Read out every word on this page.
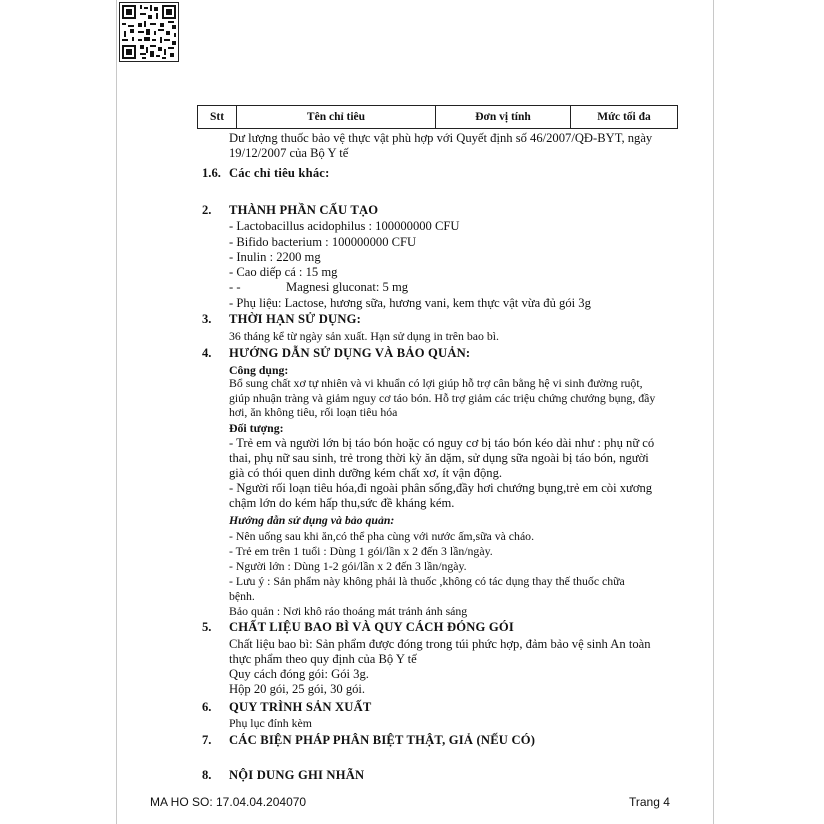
Stt	Tên chỉ tiêu	Đơn vị tính	Mức tối đa
Dư lượng thuốc bảo vệ thực vật phù hợp với Quyết định số 46/2007/QĐ-BYT, ngày
19/12/2007 của Bộ Y tế
1.6. Các chỉ tiêu khác:
2. THÀNH PHẦN CẤU TẠO
- Lactobacillus acidophilus : 100000000 CFU
- Bifido bacterium : 100000000 CFU
- Inulin : 2200 mg
- Cao diếp cá : 15 mg
- -	Magnesi gluconat: 5 mg
- Phụ liệu: Lactose, hương sữa, hương vani, kem thực vật vừa đủ gói 3g
3. THỜI HẠN SỬ DỤNG:
36 tháng kể từ ngày sản xuất. Hạn sử dụng in trên bao bì.
4. HƯỚNG DẪN SỬ DỤNG VÀ BẢO QUẢN:
Công dụng:
Bổ sung chất xơ tự nhiên và vi khuẩn có lợi giúp hỗ trợ cân bằng hệ vi sinh đường ruột,
giúp nhuận tràng và giảm nguy cơ táo bón. Hỗ trợ giảm các triệu chứng chướng bụng, đầy
hơi, ăn không tiêu, rối loạn tiêu hóa
Đối tượng:
- Trẻ em và người lớn bị táo bón hoặc có nguy cơ bị táo bón kéo dài như : phụ nữ có
thai, phụ nữ sau sinh, trẻ trong thời kỳ ăn dặm, sử dụng sữa ngoài bị táo bón, người
già có thói quen dinh dưỡng kém chất xơ, ít vận động.
- Người rối loạn tiêu hóa,đi ngoài phân sống,đầy hơi chướng bụng,trẻ em còi xương
chậm lớn do kém hấp thu,sức đề kháng kém.
Hướng dẫn sử dụng và bảo quản:
- Nên uống sau khi ăn,có thể pha cùng với nước ấm,sữa và cháo.
- Trẻ em trên 1 tuổi : Dùng 1 gói/lần x 2 đến 3 lần/ngày.
- Người lớn : Dùng 1-2 gói/lần x 2 đến 3 lần/ngày.
- Lưu ý : Sản phẩm này không phải là thuốc ,không có tác dụng thay thế thuốc chữa
bệnh.
Bảo quản : Nơi khô ráo thoáng mát tránh ánh sáng
5. CHẤT LIỆU BAO BÌ VÀ QUY CÁCH ĐÓNG GÓI
Chất liệu bao bì: Sản phẩm được đóng trong túi phức hợp, đảm bảo vệ sinh An toàn
thực phẩm theo quy định của Bộ Y tế
Quy cách đóng gói: Gói 3g.
Hộp 20 gói, 25 gói, 30 gói.
6. QUY TRÌNH SẢN XUẤT
Phụ lục đính kèm
7. CÁC BIỆN PHÁP PHÂN BIỆT THẬT, GIẢ (NẾU CÓ)
8. NỘI DUNG GHI NHÃN
MA HO SO: 17.04.04.204070	Trang 4
